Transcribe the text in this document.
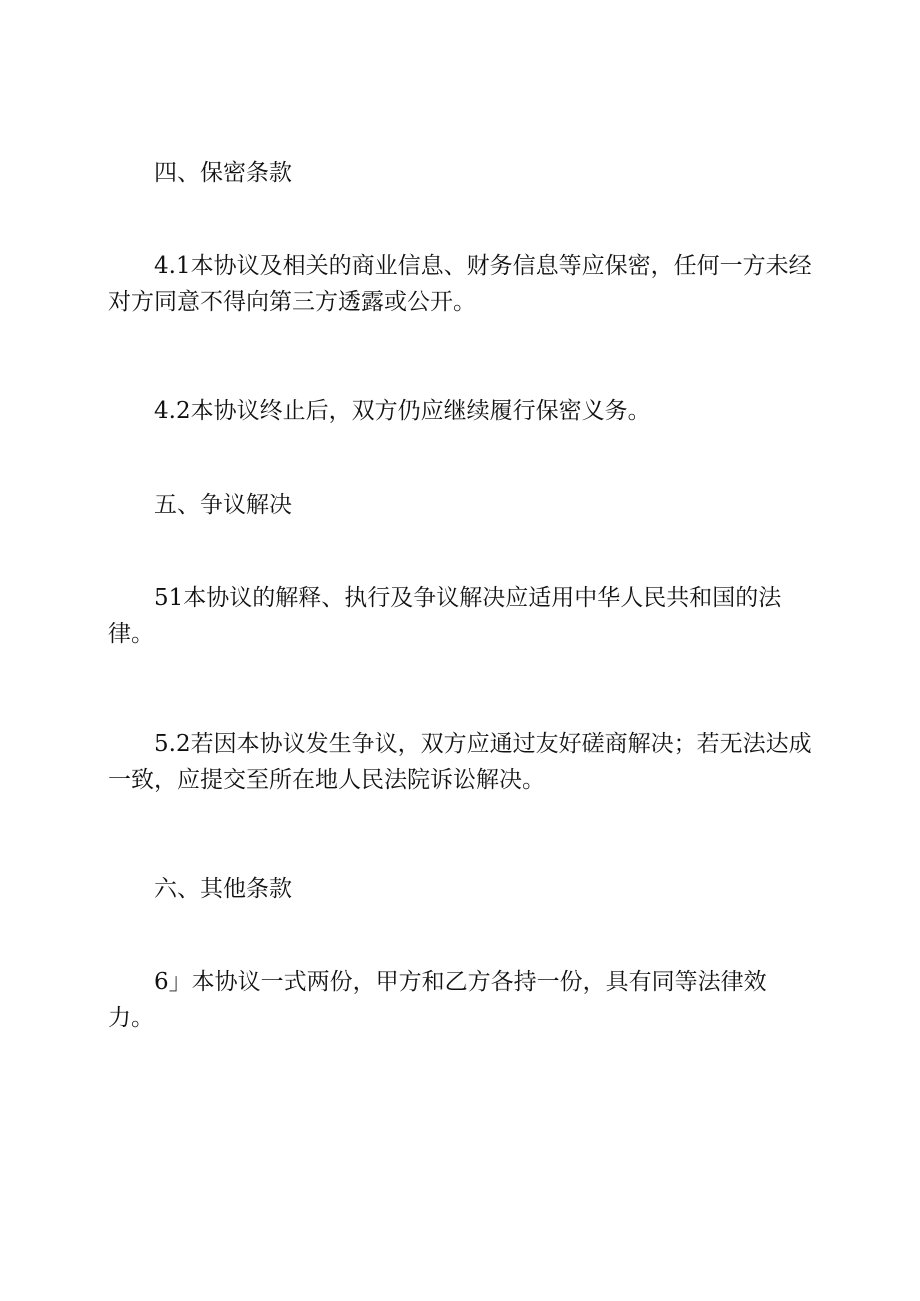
四、保密条款

4.1本协议及相关的商业信息、财务信息等应保密，任何一方未经对方同意不得向第三方透露或公开。

4.2本协议终止后，双方仍应继续履行保密义务。

五、争议解决

51本协议的解释、执行及争议解决应适用中华人民共和国的法律。

5.2若因本协议发生争议，双方应通过友好磋商解决；若无法达成一致，应提交至所在地人民法院诉讼解决。

六、其他条款

6」本协议一式两份，甲方和乙方各持一份，具有同等法律效力。
